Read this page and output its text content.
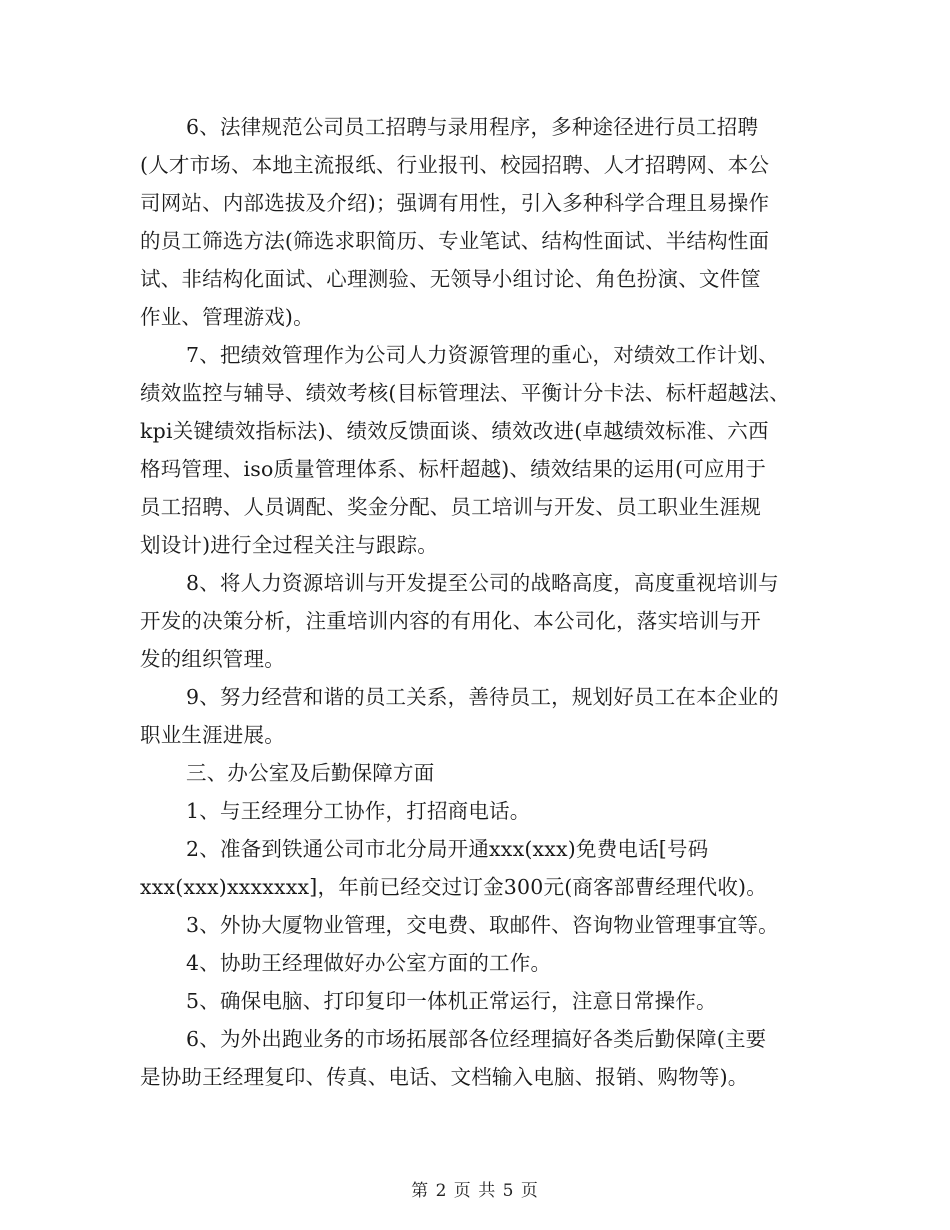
6、法律规范公司员工招聘与录用程序，多种途径进行员工招聘
(人才市场、本地主流报纸、行业报刊、校园招聘、人才招聘网、本公
司网站、内部选拔及介绍)；强调有用性，引入多种科学合理且易操作
的员工筛选方法(筛选求职简历、专业笔试、结构性面试、半结构性面
试、非结构化面试、心理测验、无领导小组讨论、角色扮演、文件筐
作业、管理游戏)。
7、把绩效管理作为公司人力资源管理的重心，对绩效工作计划、
绩效监控与辅导、绩效考核(目标管理法、平衡计分卡法、标杆超越法、
kpi关键绩效指标法)、绩效反馈面谈、绩效改进(卓越绩效标准、六西
格玛管理、iso质量管理体系、标杆超越)、绩效结果的运用(可应用于
员工招聘、人员调配、奖金分配、员工培训与开发、员工职业生涯规
划设计)进行全过程关注与跟踪。
8、将人力资源培训与开发提至公司的战略高度，高度重视培训与
开发的决策分析，注重培训内容的有用化、本公司化，落实培训与开
发的组织管理。
9、努力经营和谐的员工关系，善待员工，规划好员工在本企业的
职业生涯进展。
三、办公室及后勤保障方面
1、与王经理分工协作，打招商电话。
2、准备到铁通公司市北分局开通xxx(xxx)免费电话[号码
xxx(xxx)xxxxxxx]，年前已经交过订金300元(商客部曹经理代收)。
3、外协大厦物业管理，交电费、取邮件、咨询物业管理事宜等。
4、协助王经理做好办公室方面的工作。
5、确保电脑、打印复印一体机正常运行，注意日常操作。
6、为外出跑业务的市场拓展部各位经理搞好各类后勤保障(主要
是协助王经理复印、传真、电话、文档输入电脑、报销、购物等)。
第 2 页 共 5 页
